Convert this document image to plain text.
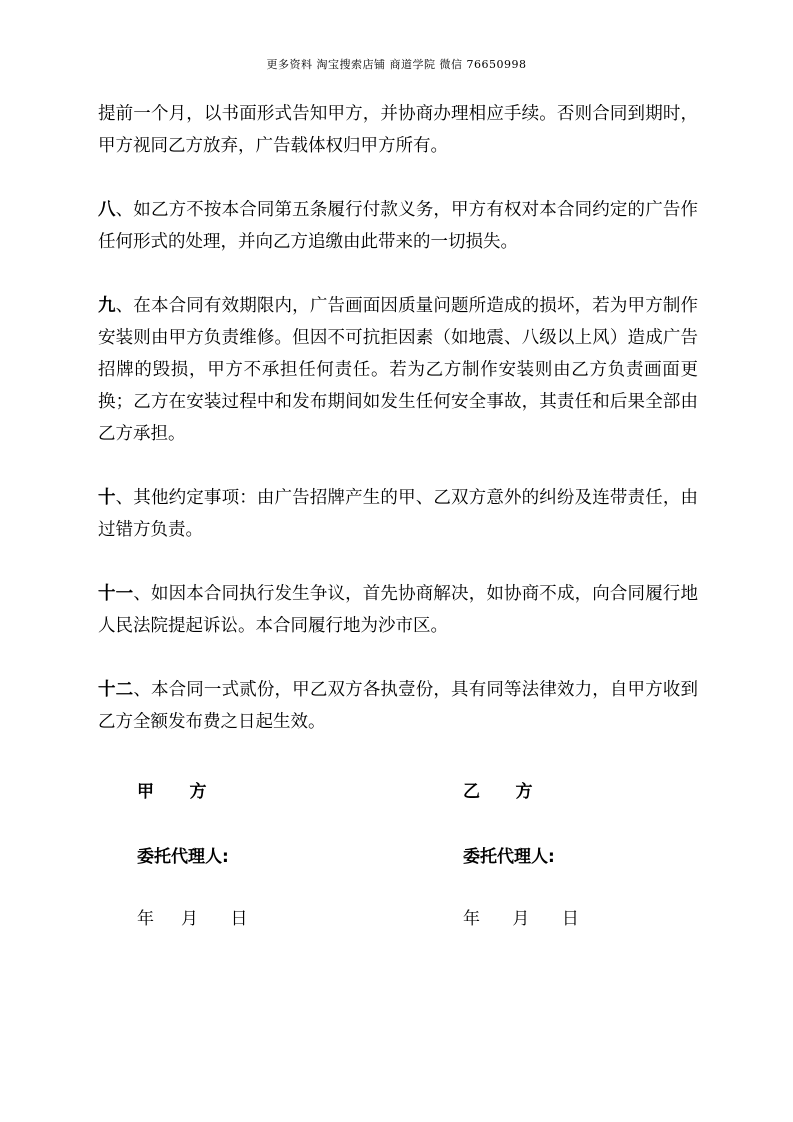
更多资料 淘宝搜索店铺 商道学院 微信 76650998

提前一个月，以书面形式告知甲方，并协商办理相应手续。否则合同到期时，甲方视同乙方放弃，广告载体权归甲方所有。

八、如乙方不按本合同第五条履行付款义务，甲方有权对本合同约定的广告作任何形式的处理，并向乙方追缴由此带来的一切损失。

九、在本合同有效期限内，广告画面因质量问题所造成的损坏，若为甲方制作安装则由甲方负责维修。但因不可抗拒因素（如地震、八级以上风）造成广告招牌的毁损，甲方不承担任何责任。若为乙方制作安装则由乙方负责画面更换；乙方在安装过程中和发布期间如发生任何安全事故，其责任和后果全部由乙方承担。

十、其他约定事项：由广告招牌产生的甲、乙双方意外的纠纷及连带责任，由过错方负责。

十一、如因本合同执行发生争议，首先协商解决，如协商不成，向合同履行地人民法院提起诉讼。本合同履行地为沙市区。

十二、本合同一式贰份，甲乙双方各执壹份，具有同等法律效力，自甲方收到乙方全额发布费之日起生效。

甲      方	乙      方
委托代理人:	委托代理人:
年     月      日	年      月      日
